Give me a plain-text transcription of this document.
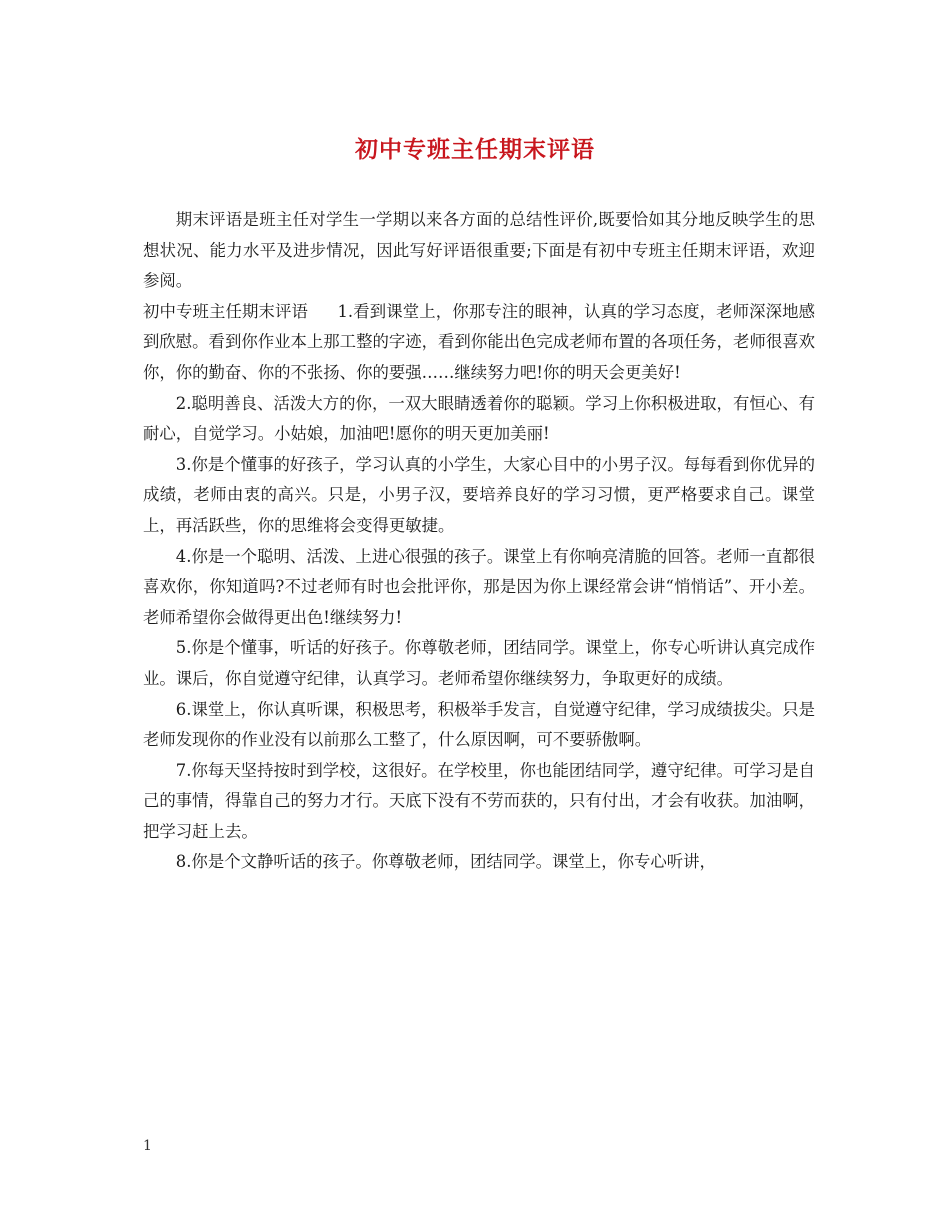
初中专班主任期末评语

期末评语是班主任对学生一学期以来各方面的总结性评价,既要恰如其分地反映学生的思想状况、能力水平及进步情况，因此写好评语很重要;下面是有初中专班主任期末评语，欢迎参阅。

初中专班主任期末评语 1.看到课堂上，你那专注的眼神，认真的学习态度，老师深深地感到欣慰。看到你作业本上那工整的字迹，看到你能出色完成老师布置的各项任务，老师很喜欢你，你的勤奋、你的不张扬、你的要强……继续努力吧!你的明天会更美好!

2.聪明善良、活泼大方的你，一双大眼睛透着你的聪颖。学习上你积极进取，有恒心、有耐心，自觉学习。小姑娘，加油吧!愿你的明天更加美丽!

3.你是个懂事的好孩子，学习认真的小学生，大家心目中的小男子汉。每每看到你优异的成绩，老师由衷的高兴。只是，小男子汉，要培养良好的学习习惯，更严格要求自己。课堂上，再活跃些，你的思维将会变得更敏捷。

4.你是一个聪明、活泼、上进心很强的孩子。课堂上有你响亮清脆的回答。老师一直都很喜欢你，你知道吗?不过老师有时也会批评你，那是因为你上课经常会讲“悄悄话”、开小差。老师希望你会做得更出色!继续努力!

5.你是个懂事，听话的好孩子。你尊敬老师，团结同学。课堂上，你专心听讲认真完成作业。课后，你自觉遵守纪律，认真学习。老师希望你继续努力，争取更好的成绩。

6.课堂上，你认真听课，积极思考，积极举手发言，自觉遵守纪律，学习成绩拔尖。只是老师发现你的作业没有以前那么工整了，什么原因啊，可不要骄傲啊。

7.你每天坚持按时到学校，这很好。在学校里，你也能团结同学，遵守纪律。可学习是自己的事情，得靠自己的努力才行。天底下没有不劳而获的，只有付出，才会有收获。加油啊，把学习赶上去。

8.你是个文静听话的孩子。你尊敬老师，团结同学。课堂上，你专心听讲，

1
